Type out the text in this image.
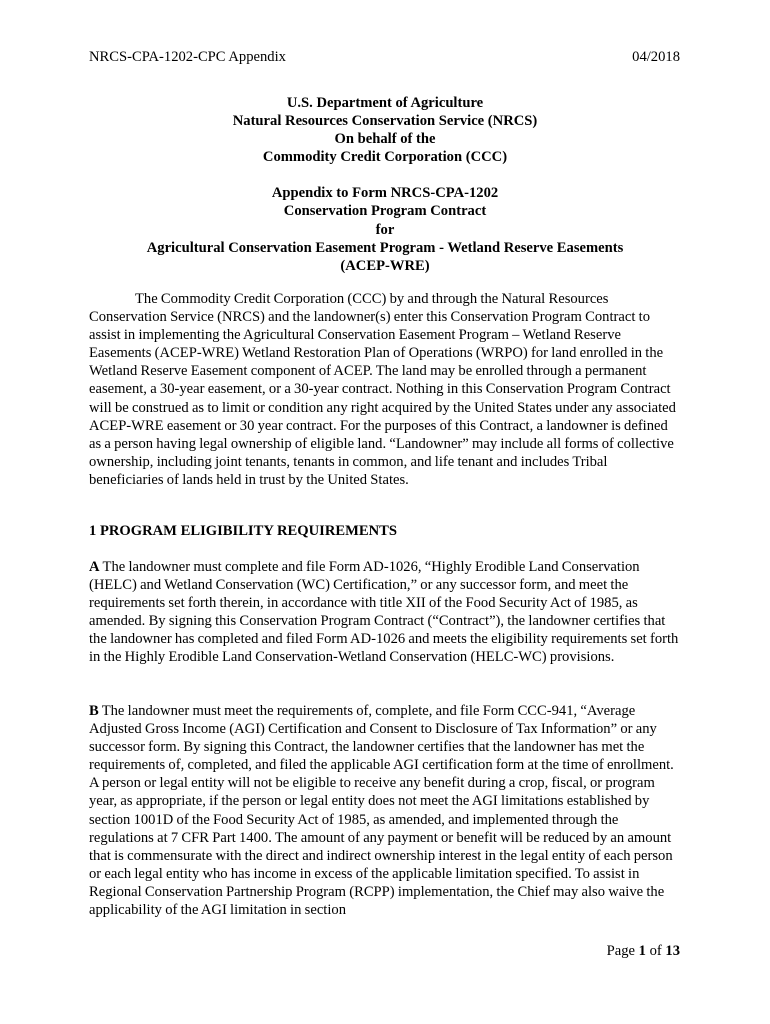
NRCS-CPA-1202-CPC Appendix	04/2018
U.S. Department of Agriculture
Natural Resources Conservation Service (NRCS)
On behalf of the
Commodity Credit Corporation (CCC)
Appendix to Form NRCS-CPA-1202
Conservation Program Contract
for
Agricultural Conservation Easement Program - Wetland Reserve Easements
(ACEP-WRE)

The Commodity Credit Corporation (CCC) by and through the Natural Resources Conservation Service (NRCS) and the landowner(s) enter this Conservation Program Contract to assist in implementing the Agricultural Conservation Easement Program – Wetland Reserve Easements (ACEP-WRE) Wetland Restoration Plan of Operations (WRPO) for land enrolled in the Wetland Reserve Easement component of ACEP. The land may be enrolled through a permanent easement, a 30-year easement, or a 30-year contract. Nothing in this Conservation Program Contract will be construed as to limit or condition any right acquired by the United States under any associated ACEP-WRE easement or 30 year contract. For the purposes of this Contract, a landowner is defined as a person having legal ownership of eligible land. “Landowner” may include all forms of collective ownership, including joint tenants, tenants in common, and life tenant and includes Tribal beneficiaries of lands held in trust by the United States.

1 PROGRAM ELIGIBILITY REQUIREMENTS

A The landowner must complete and file Form AD-1026, “Highly Erodible Land Conservation (HELC) and Wetland Conservation (WC) Certification,” or any successor form, and meet the requirements set forth therein, in accordance with title XII of the Food Security Act of 1985, as amended. By signing this Conservation Program Contract (“Contract”), the landowner certifies that the landowner has completed and filed Form AD-1026 and meets the eligibility requirements set forth in the Highly Erodible Land Conservation-Wetland Conservation (HELC-WC) provisions.

B The landowner must meet the requirements of, complete, and file Form CCC-941, “Average Adjusted Gross Income (AGI) Certification and Consent to Disclosure of Tax Information” or any successor form. By signing this Contract, the landowner certifies that the landowner has met the requirements of, completed, and filed the applicable AGI certification form at the time of enrollment. A person or legal entity will not be eligible to receive any benefit during a crop, fiscal, or program year, as appropriate, if the person or legal entity does not meet the AGI limitations established by section 1001D of the Food Security Act of 1985, as amended, and implemented through the regulations at 7 CFR Part 1400. The amount of any payment or benefit will be reduced by an amount that is commensurate with the direct and indirect ownership interest in the legal entity of each person or each legal entity who has income in excess of the applicable limitation specified. To assist in Regional Conservation Partnership Program (RCPP) implementation, the Chief may also waive the applicability of the AGI limitation in section

Page 1 of 13
